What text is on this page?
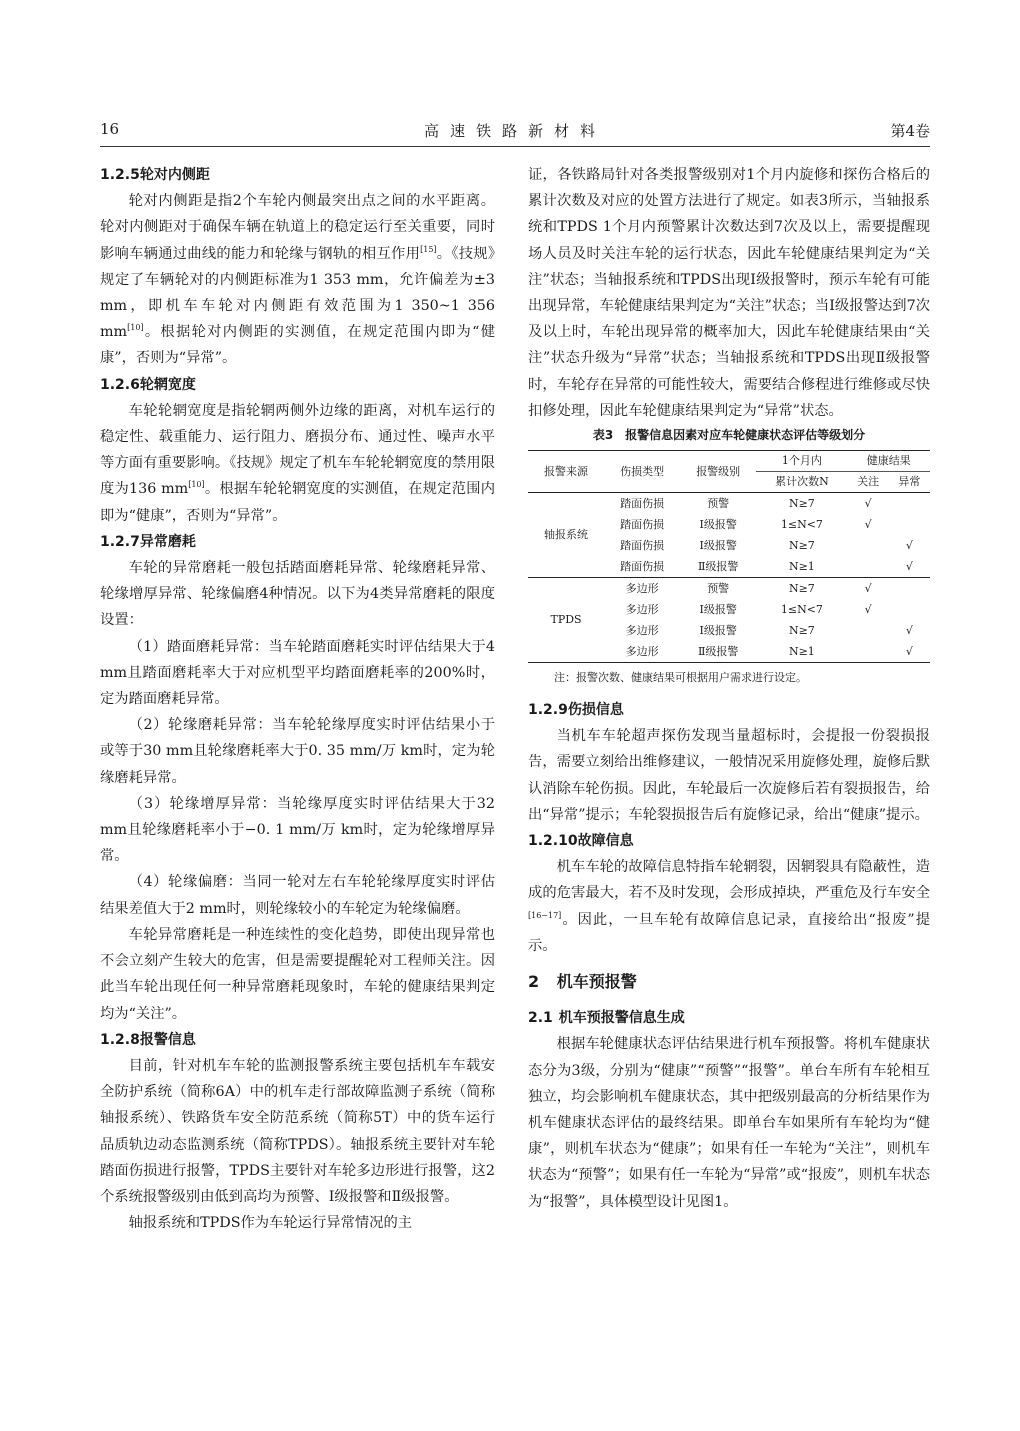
16	高速铁路新材料	第4卷
1.2.5轮对内侧距

轮对内侧距是指2个车轮内侧最突出点之间的水平距离。轮对内侧距对于确保车辆在轨道上的稳定运行至关重要，同时影响车辆通过曲线的能力和轮缘与钢轨的相互作用[15]。《技规》规定了车辆轮对的内侧距标准为1 353 mm，允许偏差为±3 mm，即机车车轮对内侧距有效范围为1 350~1 356 mm[10]。根据轮对内侧距的实测值，在规定范围内即为“健康”，否则为“异常”。

1.2.6轮辋宽度

车轮轮辋宽度是指轮辋两侧外边缘的距离，对机车运行的稳定性、载重能力、运行阻力、磨损分布、通过性、噪声水平等方面有重要影响。《技规》规定了机车车轮轮辋宽度的禁用限度为136 mm[10]。根据车轮轮辋宽度的实测值，在规定范围内即为“健康”，否则为“异常”。

1.2.7异常磨耗

车轮的异常磨耗一般包括踏面磨耗异常、轮缘磨耗异常、轮缘增厚异常、轮缘偏磨4种情况。以下为4类异常磨耗的限度设置：

（1）踏面磨耗异常：当车轮踏面磨耗实时评估结果大于4 mm且踏面磨耗率大于对应机型平均踏面磨耗率的200%时，定为踏面磨耗异常。

（2）轮缘磨耗异常：当车轮轮缘厚度实时评估结果小于或等于30 mm且轮缘磨耗率大于0. 35 mm/万 km时，定为轮缘磨耗异常。

（3）轮缘增厚异常：当轮缘厚度实时评估结果大于32 mm且轮缘磨耗率小于−0. 1 mm/万 km时，定为轮缘增厚异常。

（4）轮缘偏磨：当同一轮对左右车轮轮缘厚度实时评估结果差值大于2 mm时，则轮缘较小的车轮定为轮缘偏磨。

车轮异常磨耗是一种连续性的变化趋势，即使出现异常也不会立刻产生较大的危害，但是需要提醒轮对工程师关注。因此当车轮出现任何一种异常磨耗现象时，车轮的健康结果判定均为“关注”。

1.2.8报警信息

目前，针对机车车轮的监测报警系统主要包括机车车载安全防护系统（简称6A）中的机车走行部故障监测子系统（简称轴报系统）、铁路货车安全防范系统（简称5T）中的货车运行品质轨边动态监测系统（简称TPDS）。轴报系统主要针对车轮踏面伤损进行报警，TPDS主要针对车轮多边形进行报警，这2个系统报警级别由低到高均为预警、Ⅰ级报警和Ⅱ级报警。

轴报系统和TPDS作为车轮运行异常情况的主

证，各铁路局针对各类报警级别对1个月内旋修和探伤合格后的累计次数及对应的处置方法进行了规定。如表3所示，当轴报系统和TPDS 1个月内预警累计次数达到7次及以上，需要提醒现场人员及时关注车轮的运行状态，因此车轮健康结果判定为“关注”状态；当轴报系统和TPDS出现Ⅰ级报警时，预示车轮有可能出现异常，车轮健康结果判定为“关注”状态；当Ⅰ级报警达到7次及以上时，车轮出现异常的概率加大，因此车轮健康结果由“关注”状态升级为“异常”状态；当轴报系统和TPDS出现Ⅱ级报警时，车轮存在异常的可能性较大，需要结合修程进行维修或尽快扣修处理，因此车轮健康结果判定为“异常”状态。

表3　报警信息因素对应车轮健康状态评估等级划分
报警来源	伤损类型	报警级别	1个月内	健康结果	
			累计次数N	关注	异常
轴报系统	踏面伤损	预警	N≥7	√	
	踏面伤损	Ⅰ级报警	1≤N<7	√	
	踏面伤损	Ⅰ级报警	N≥7		√
	踏面伤损	Ⅱ级报警	N≥1		√
TPDS	多边形	预警	N≥7	√	
	多边形	Ⅰ级报警	1≤N<7	√	
	多边形	Ⅰ级报警	N≥7		√
	多边形	Ⅱ级报警	N≥1		√
注：报警次数、健康结果可根据用户需求进行设定。
1.2.9伤损信息

当机车车轮超声探伤发现当量超标时，会提报一份裂损报告，需要立刻给出维修建议，一般情况采用旋修处理，旋修后默认消除车轮伤损。因此，车轮最后一次旋修后若有裂损报告，给出“异常”提示；车轮裂损报告后有旋修记录，给出“健康”提示。

1.2.10故障信息

机车车轮的故障信息特指车轮辋裂，因辋裂具有隐蔽性，造成的危害最大，若不及时发现，会形成掉块，严重危及行车安全[16−17]。因此，一旦车轮有故障信息记录，直接给出“报废”提示。

2 机车预报警
2.1 机车预报警信息生成

根据车轮健康状态评估结果进行机车预报警。将机车健康状态分为3级，分别为“健康”“预警”“报警”。单台车所有车轮相互独立，均会影响机车健康状态，其中把级别最高的分析结果作为机车健康状态评估的最终结果。即单台车如果所有车轮均为“健康”，则机车状态为“健康”；如果有任一车轮为“关注”，则机车状态为“预警”；如果有任一车轮为“异常”或“报废”，则机车状态为“报警”，具体模型设计见图1。
